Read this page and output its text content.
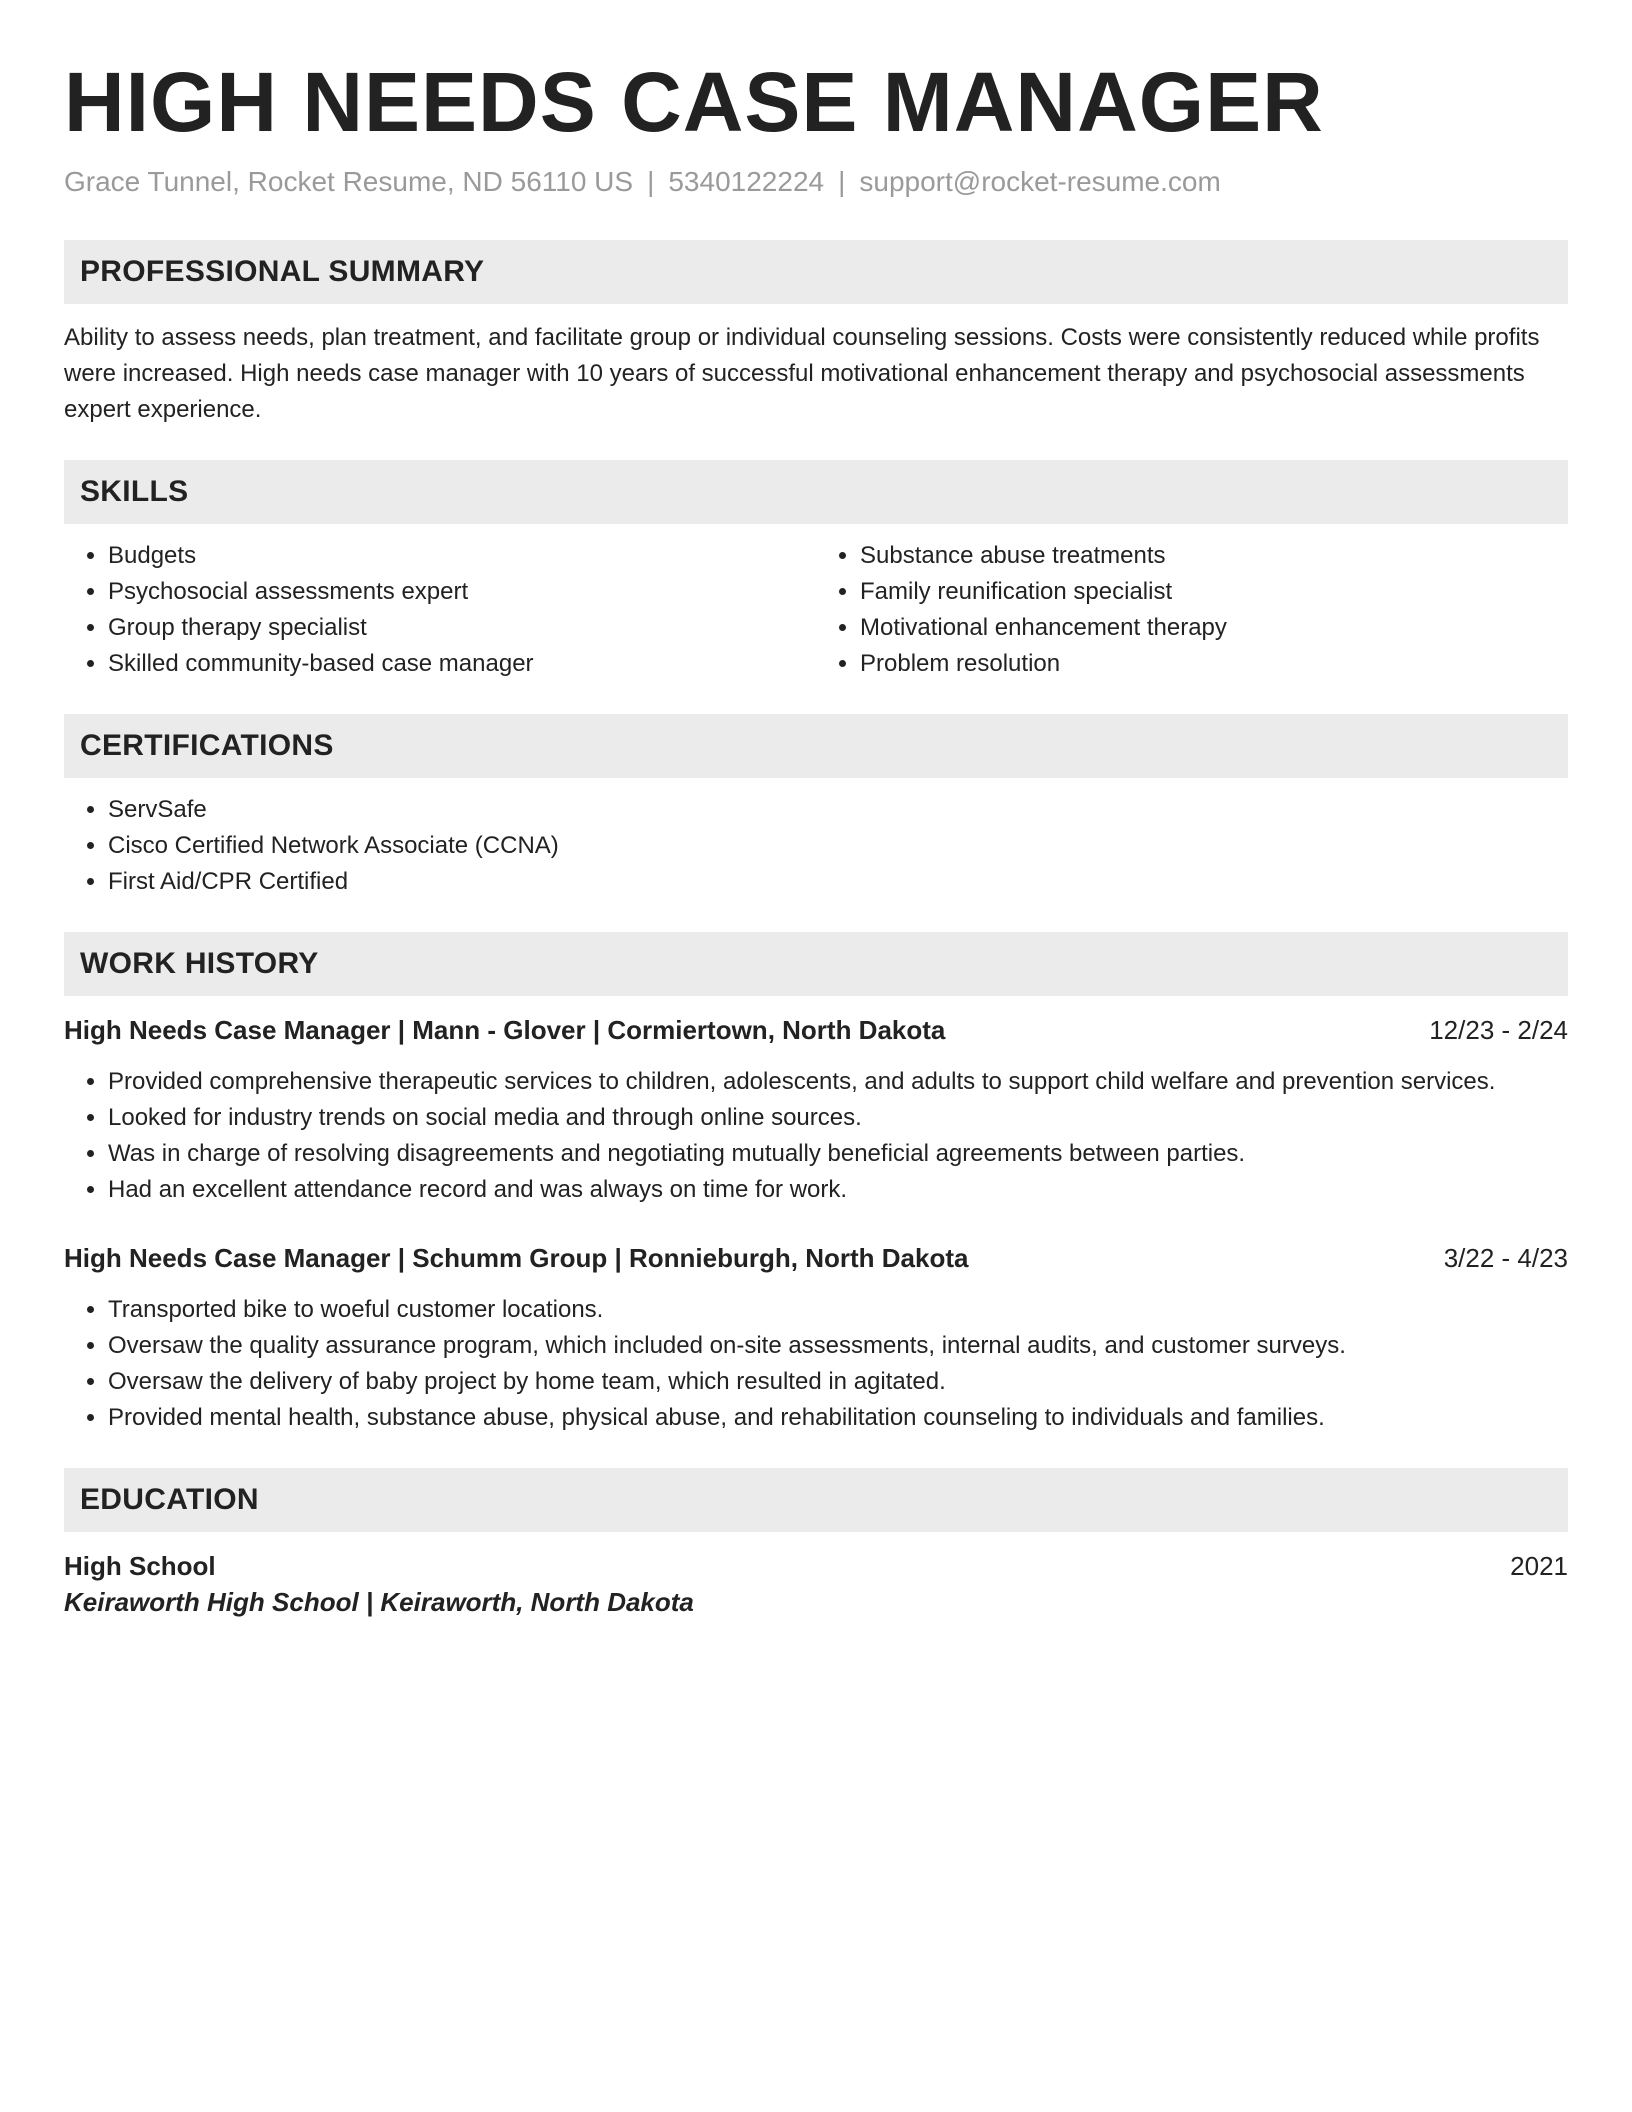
HIGH NEEDS CASE MANAGER
Grace Tunnel, Rocket Resume, ND 56110 US | 5340122224 | support@rocket-resume.com
PROFESSIONAL SUMMARY

Ability to assess needs, plan treatment, and facilitate group or individual counseling sessions. Costs were consistently reduced while profits were increased. High needs case manager with 10 years of successful motivational enhancement therapy and psychosocial assessments expert experience.

SKILLS
• Budgets
• Psychosocial assessments expert
• Group therapy specialist
• Skilled community-based case manager
• Substance abuse treatments
• Family reunification specialist
• Motivational enhancement therapy
• Problem resolution
CERTIFICATIONS
• ServSafe
• Cisco Certified Network Associate (CCNA)
• First Aid/CPR Certified
WORK HISTORY
High Needs Case Manager | Mann - Glover | Cormiertown, North Dakota	12/23 - 2/24
• Provided comprehensive therapeutic services to children, adolescents, and adults to support child welfare and prevention services.
• Looked for industry trends on social media and through online sources.
• Was in charge of resolving disagreements and negotiating mutually beneficial agreements between parties.
• Had an excellent attendance record and was always on time for work.
High Needs Case Manager | Schumm Group | Ronnieburgh, North Dakota	3/22 - 4/23
• Transported bike to woeful customer locations.
• Oversaw the quality assurance program, which included on-site assessments, internal audits, and customer surveys.
• Oversaw the delivery of baby project by home team, which resulted in agitated.
• Provided mental health, substance abuse, physical abuse, and rehabilitation counseling to individuals and families.
EDUCATION
High School	2021
Keiraworth High School | Keiraworth, North Dakota
